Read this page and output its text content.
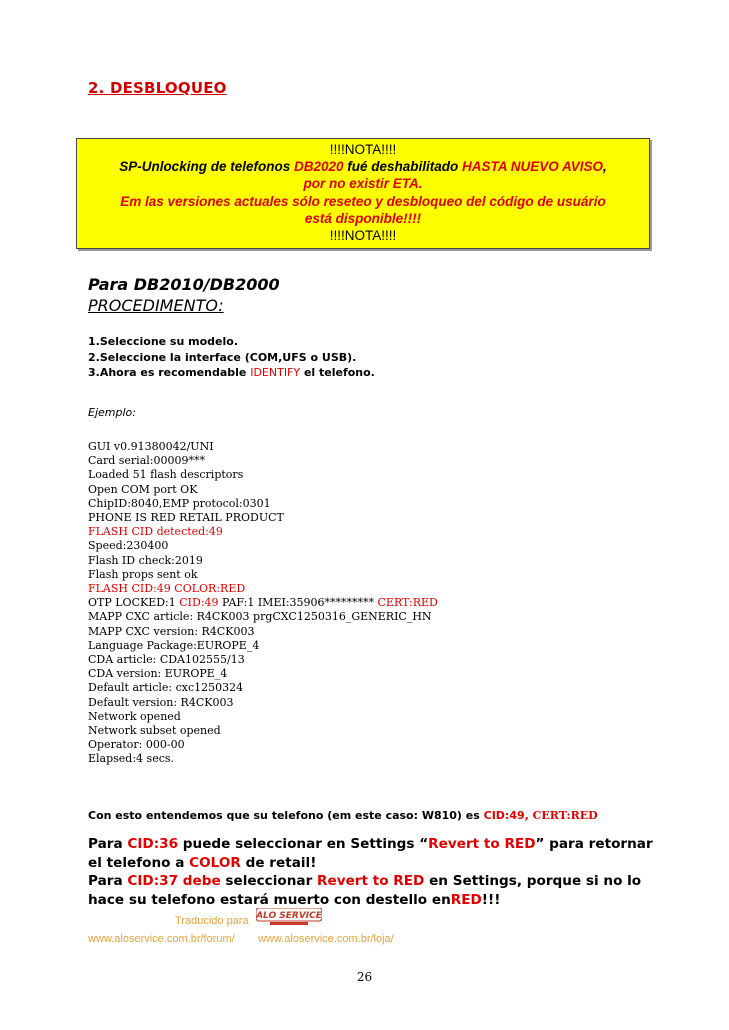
2. DESBLOQUEO
!!!!NOTA!!!!
SP-Unlocking de telefonos DB2020 fué deshabilitado HASTA NUEVO AVISO,
por no existir ETA.
Em las versiones actuales sólo reseteo y desbloqueo del código de usuário
está disponible!!!!
!!!!NOTA!!!!
Para DB2010/DB2000
PROCEDIMENTO:
1.Seleccione su modelo.
2.Seleccione la interface (COM,UFS o USB).
3.Ahora es recomendable IDENTIFY el telefono.
Ejemplo:
GUI v0.91380042/UNI
Card serial:00009***
Loaded 51 flash descriptors
Open COM port OK
ChipID:8040,EMP protocol:0301
PHONE IS RED RETAIL PRODUCT
FLASH CID detected:49
Speed:230400
Flash ID check:2019
Flash props sent ok
FLASH CID:49 COLOR:RED
OTP LOCKED:1 CID:49 PAF:1 IMEI:35906********* CERT:RED
MAPP CXC article: R4CK003 prgCXC1250316_GENERIC_HN
MAPP CXC version: R4CK003
Language Package:EUROPE_4
CDA article: CDA102555/13
CDA version: EUROPE_4
Default article: cxc1250324
Default version: R4CK003
Network opened
Network subset opened
Operator: 000-00
Elapsed:4 secs.
Con esto entendemos que su telefono (em este caso: W810) es CID:49, CERT:RED
Para CID:36 puede seleccionar en Settings “Revert to RED” para retornar
el telefono a COLOR de retail!
Para CID:37 debe seleccionar Revert to RED en Settings, porque si no lo
hace su telefono estará muerto con destello enRED!!!
Traducido para ALO SERVICE
www.aloservice.com.br/forum/ www.aloservice.com.br/loja/
26
